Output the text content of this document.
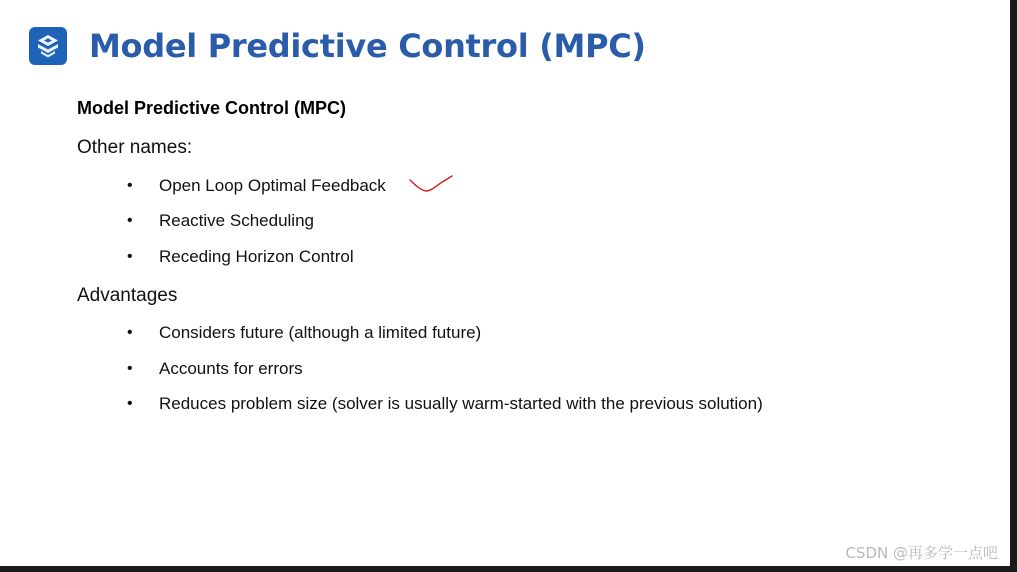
Model Predictive Control (MPC)
Model Predictive Control (MPC)
Other names:
•	Open Loop Optimal Feedback
•	Reactive Scheduling
•	Receding Horizon Control
Advantages
•	Considers future (although a limited future)
•	Accounts for errors
•	Reduces problem size (solver is usually warm-started with the previous solution)
CSDN @再多学一点吧
